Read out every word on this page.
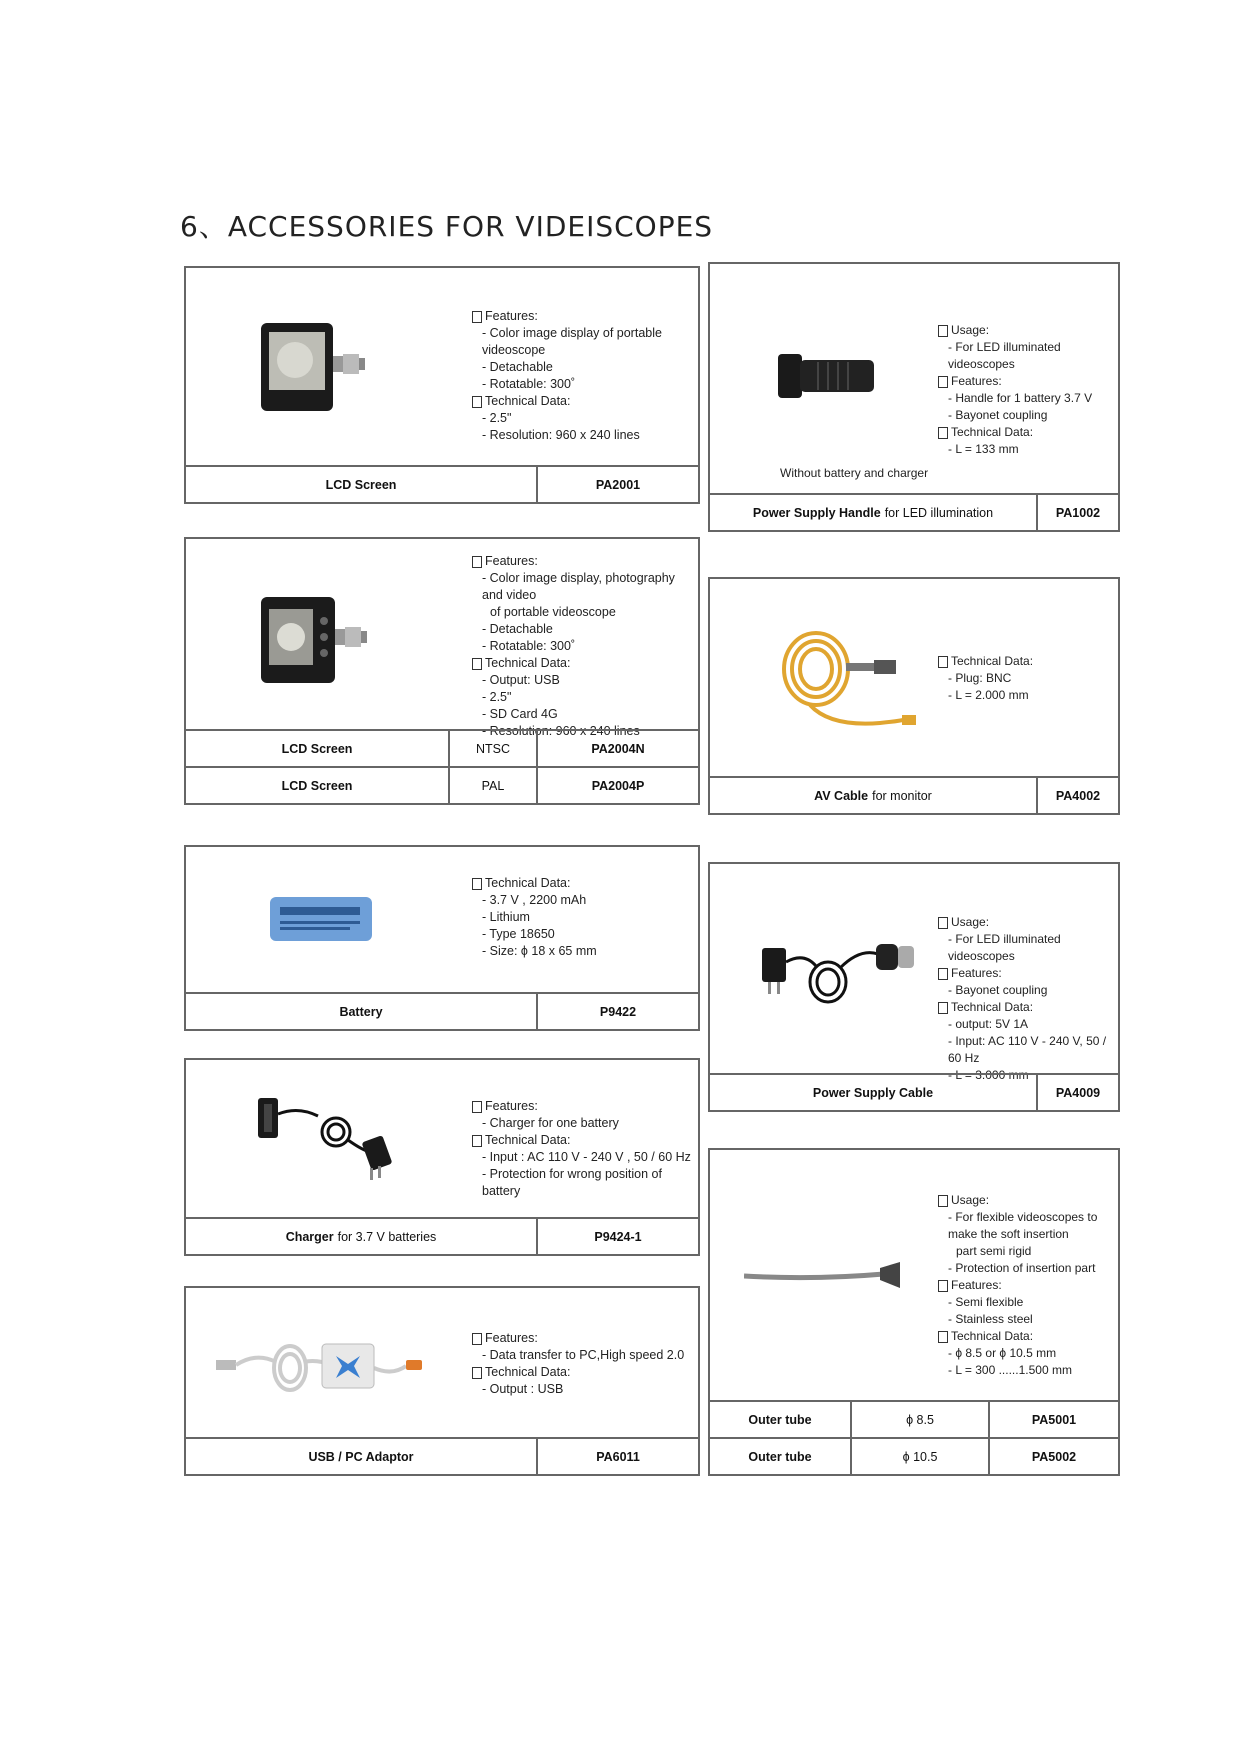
6、ACCESSORIES FOR VIDEISCOPES
Features:
- Color image display of portable videoscope
- Detachable
- Rotatable: 300˚
Technical Data:
- 2.5"
- Resolution: 960 x 240 lines
LCD Screen	PA2001
Without battery and charger
Usage:
- For LED illuminated videoscopes
Features:
- Handle for 1 battery 3.7 V
- Bayonet coupling
Technical Data:
- L = 133 mm
Power Supply Handle for LED illumination	PA1002
Features:
- Color image display, photography and video
of portable videoscope
- Detachable
- Rotatable: 300˚
Technical Data:
- Output: USB
- 2.5"
- SD Card 4G
- Resolution: 960 x 240 lines
LCD Screen	NTSC	PA2004N
LCD Screen	PAL	PA2004P
Technical Data:
- Plug: BNC
- L = 2.000 mm
AV Cable for monitor	PA4002
Technical Data:
- 3.7 V , 2200 mAh
- Lithium
- Type 18650
- Size: ϕ 18 x 65 mm
Battery	P9422
Usage:
- For LED illuminated videoscopes
Features:
- Bayonet coupling
Technical Data:
- output: 5V 1A
- Input: AC 110 V - 240 V, 50 / 60 Hz
- L = 3.000 mm
Power Supply Cable	PA4009
Features:
- Charger for one battery
Technical Data:
- Input : AC 110 V - 240 V , 50 / 60 Hz
- Protection for wrong position of battery
Charger for 3.7 V batteries	P9424-1
Usage:
- For flexible videoscopes to make the soft insertion
part semi rigid
- Protection of insertion part
Features:
- Semi flexible
- Stainless steel
Technical Data:
- ϕ 8.5 or ϕ 10.5 mm
- L = 300 ......1.500 mm
Outer tube	ϕ 8.5	PA5001
Outer tube	ϕ 10.5	PA5002
Features:
- Data transfer to PC,High speed 2.0
Technical Data:
- Output : USB
USB / PC Adaptor	PA6011
